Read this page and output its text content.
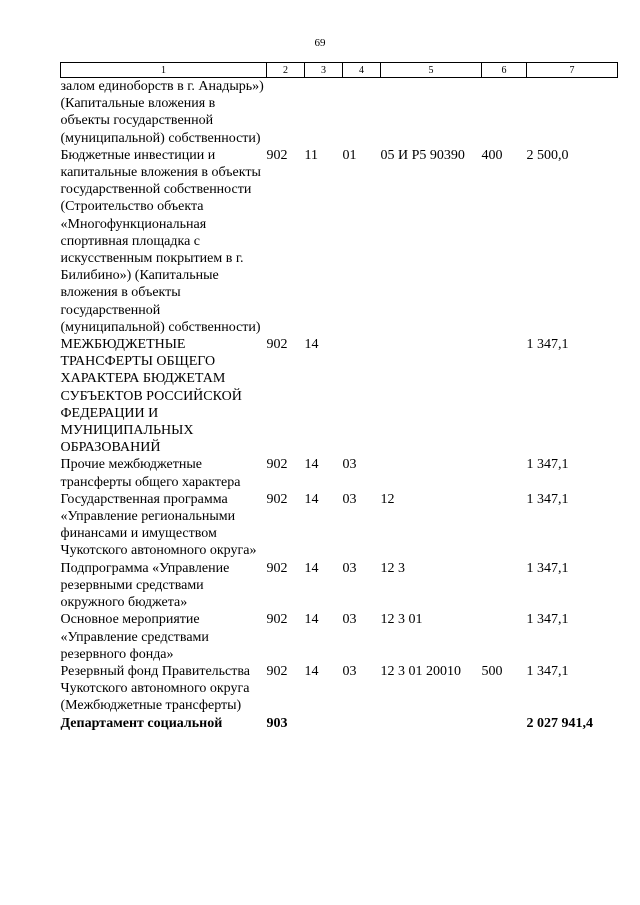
69
1	2	3	4	5	6	7
залом единоборств в г. Анадырь») (Капитальные вложения в объекты государственной (муниципальной) собственности)						
Бюджетные инвестиции и капитальные вложения в объекты государственной собственности (Строительство объекта «Многофункциональная спортивная площадка с искусственным покрытием в г. Билибино») (Капитальные вложения в объекты государственной (муниципальной) собственности)	902	11	01	05 И P5 90390	400	2 500,0
МЕЖБЮДЖЕТНЫЕ ТРАНСФЕРТЫ ОБЩЕГО ХАРАКТЕРА БЮДЖЕТАМ СУБЪЕКТОВ РОССИЙСКОЙ ФЕДЕРАЦИИ И МУНИЦИПАЛЬНЫХ ОБРАЗОВАНИЙ	902	14				1 347,1
Прочие межбюджетные трансферты общего характера	902	14	03			1 347,1
Государственная программа «Управление региональными финансами и имуществом Чукотского автономного округа»	902	14	03	12		1 347,1
Подпрограмма «Управление резервными средствами окружного бюджета»	902	14	03	12 3		1 347,1
Основное мероприятие «Управление средствами резервного фонда»	902	14	03	12 3 01		1 347,1
Резервный фонд Правительства Чукотского автономного округа (Межбюджетные трансферты)	902	14	03	12 3 01 20010	500	1 347,1
Департамент социальной	903					2 027 941,4
